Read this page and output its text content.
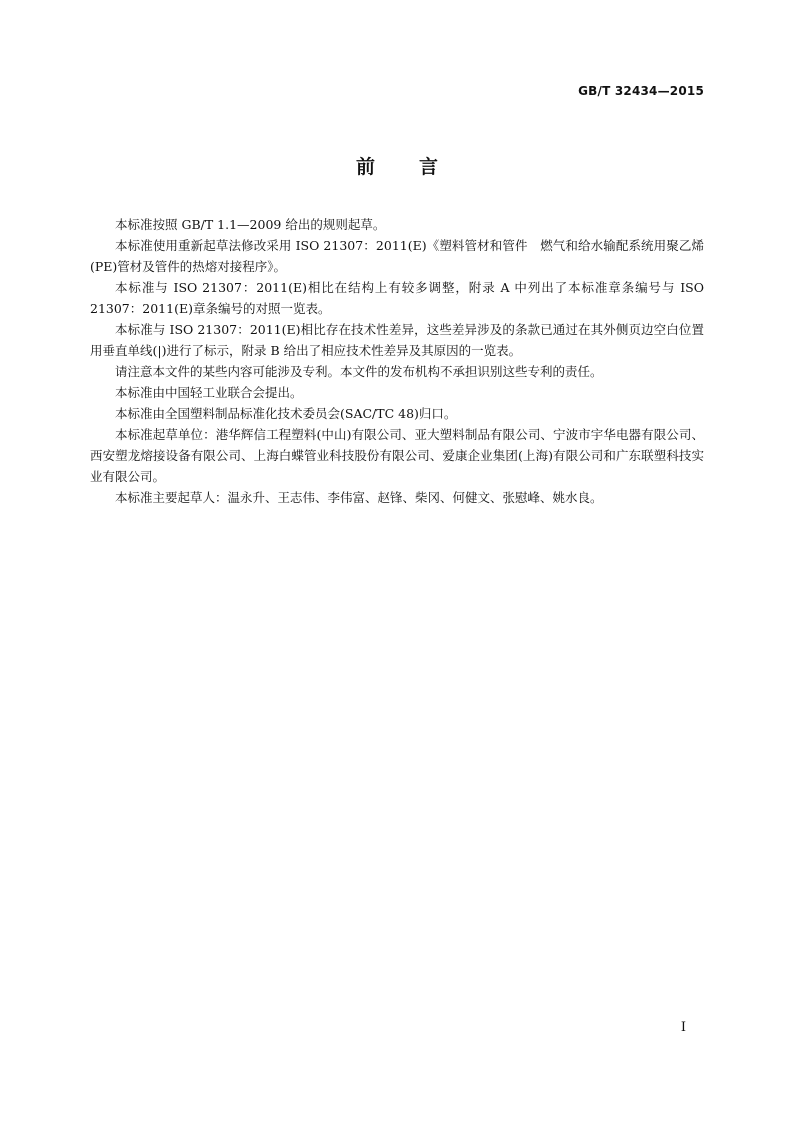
GB/T 32434—2015
前言

本标准按照 GB/T 1.1—2009 给出的规则起草。

本标准使用重新起草法修改采用 ISO 21307：2011(E)《塑料管材和管件　燃气和给水输配系统用聚乙烯(PE)管材及管件的热熔对接程序》。

本标准与 ISO 21307：2011(E)相比在结构上有较多调整，附录 A 中列出了本标准章条编号与 ISO 21307：2011(E)章条编号的对照一览表。

本标准与 ISO 21307：2011(E)相比存在技术性差异，这些差异涉及的条款已通过在其外侧页边空白位置用垂直单线(|)进行了标示，附录 B 给出了相应技术性差异及其原因的一览表。

请注意本文件的某些内容可能涉及专利。本文件的发布机构不承担识别这些专利的责任。

本标准由中国轻工业联合会提出。

本标准由全国塑料制品标准化技术委员会(SAC/TC 48)归口。

本标准起草单位：港华辉信工程塑料(中山)有限公司、亚大塑料制品有限公司、宁波市宇华电器有限公司、西安塑龙熔接设备有限公司、上海白蝶管业科技股份有限公司、爱康企业集团(上海)有限公司和广东联塑科技实业有限公司。

本标准主要起草人：温永升、王志伟、李伟富、赵锋、柴冈、何健文、张慰峰、姚水良。

I
